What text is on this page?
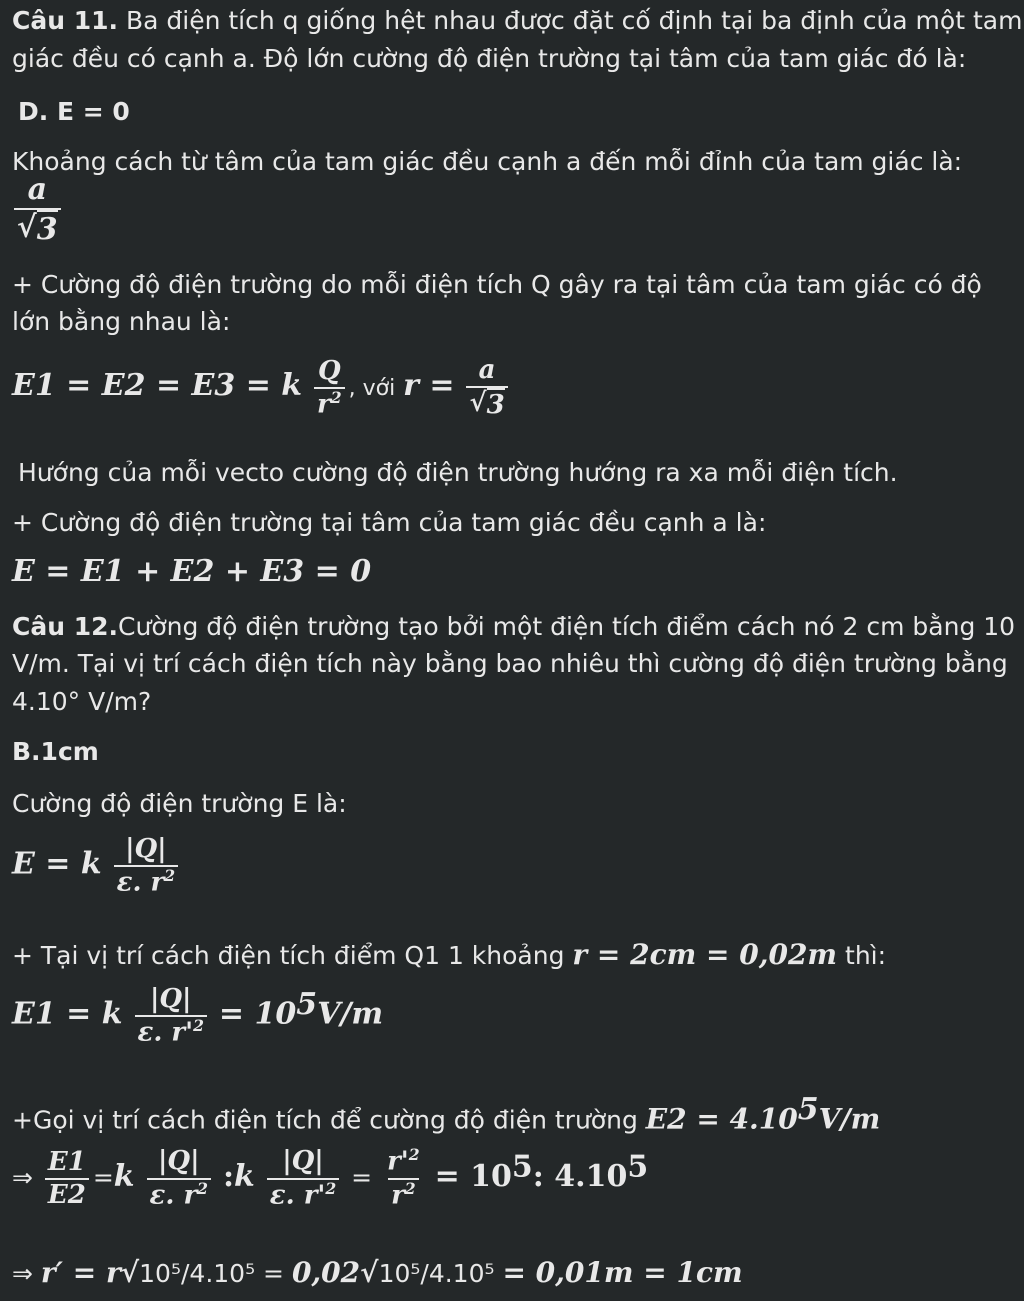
Câu 11. Ba điện tích q giống hệt nhau được đặt cố định tại ba định của một tam
giác đều có cạnh a. Độ lớn cường độ điện trường tại tâm của tam giác đó là:
D. E = 0
Khoảng cách từ tâm của tam giác đều cạnh a đến mỗi đỉnh của tam giác là:
$\frac{a}{√ 3}$
+ Cường độ điện trường do mỗi điện tích Q gây ra tại tâm của tam giác có độ
lớn bằng nhau là:
E1 = E2 = E3 = k $\frac{Q}{r^2}$ , với $r = \frac{a}{√ 3}$
Hướng của mỗi vecto cường độ điện trường hướng ra xa mỗi điện tích.
+ Cường độ điện trường tại tâm của tam giác đều cạnh a là:
E = E1 + E2 + E3 = 0
Câu 12.Cường độ điện trường tạo bởi một điện tích điểm cách nó 2 cm bằng 10
V/m. Tại vị trí cách điện tích này bằng bao nhiêu thì cường độ điện trường bằng
4.10° V/m?
B.1cm
Cường độ điện trường E là:
E = k $\frac{|Q|}{\varepsilon. r^2}$
+ Tại vị trí cách điện tích điểm Q1 1 khoảng r = 2cm = 0,02m thì:
E1 = k $\frac{|Q|}{\varepsilon. r'^2} = 10^5V/m$
+Gọi vị trí cách điện tích để cường độ điện trường $E2 = 4.10^5V/m$
⇒ $\frac{E1}{E2} =k \frac{|Q|}{\varepsilon. r^2}$ :k $\frac{|Q|}{\varepsilon. r'^2} = \frac{r'^2}{r^2} = 10^5$: 4.10$^5$
⇒ r′ = r√10⁵/4.10⁵ = 0,02√10⁵/4.10⁵ = 0,01m = 1cm
